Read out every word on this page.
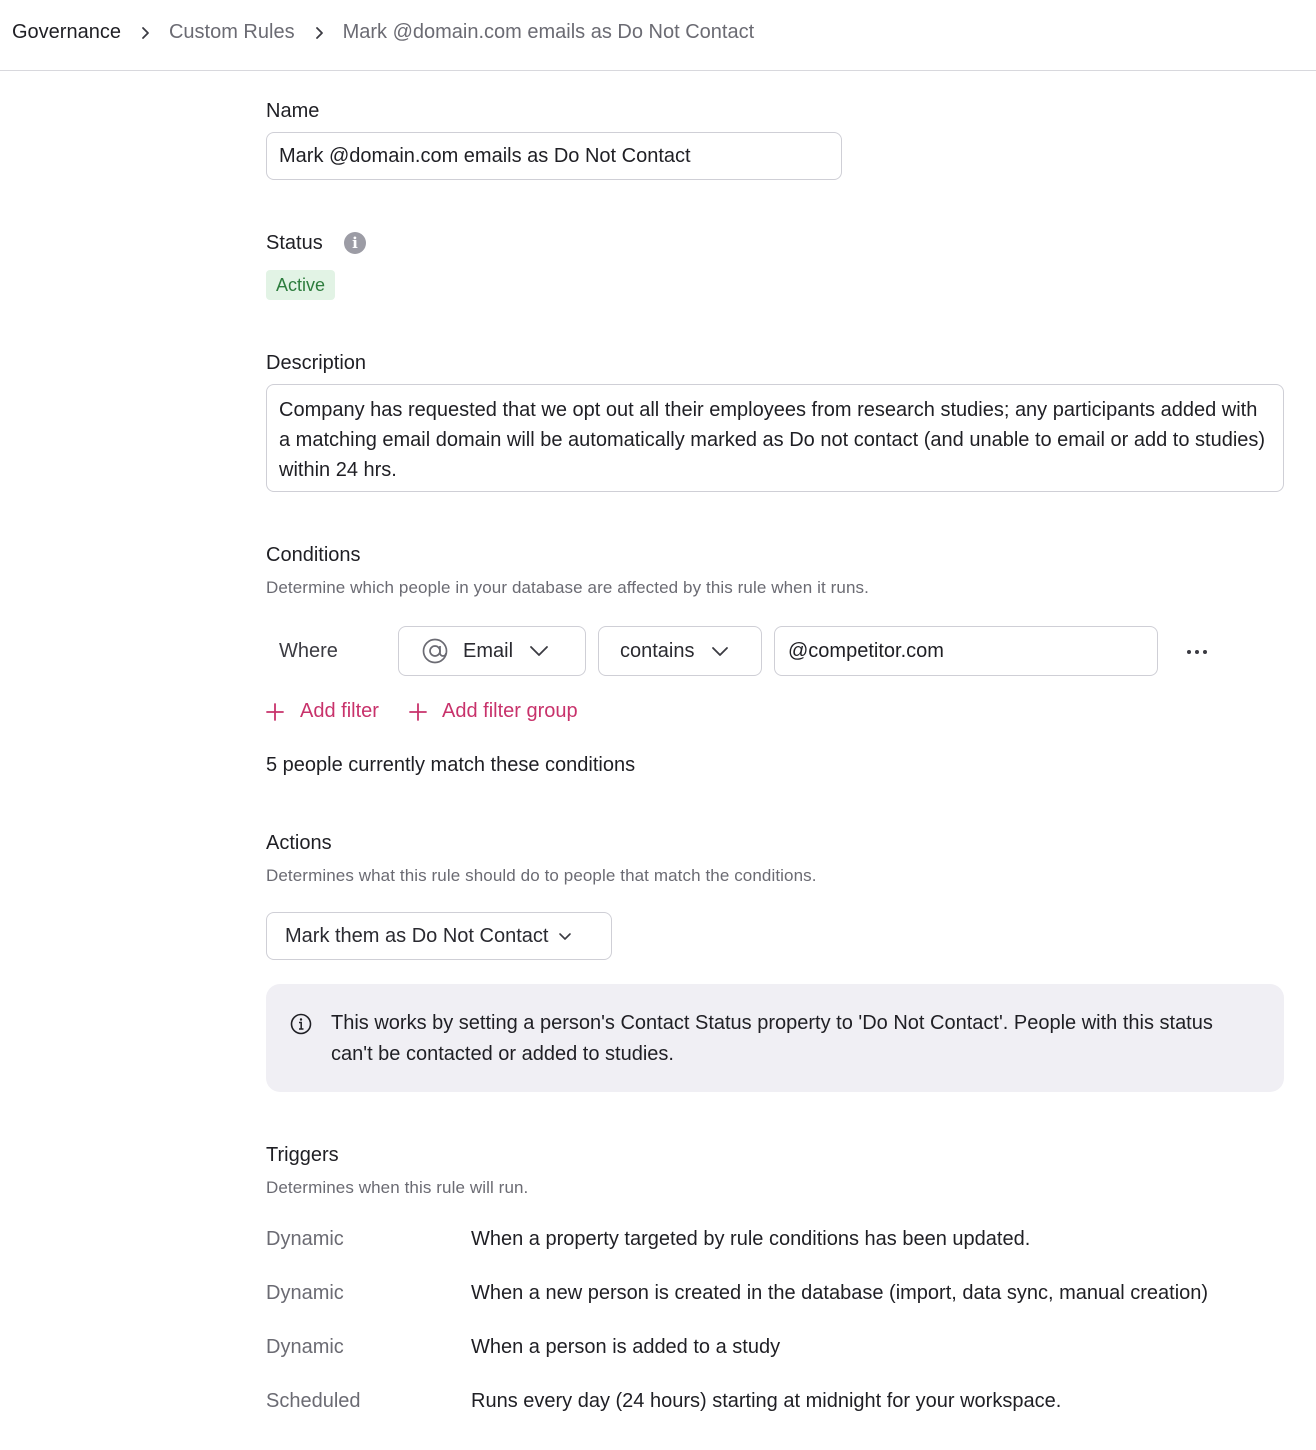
Governance Custom Rules Mark @domain.com emails as Do Not Contact
Name
Mark @domain.com emails as Do Not Contact
Status	i
Active
Description
Company has requested that we opt out all their employees from research studies; any participants added with a matching email domain will be automatically marked as Do not contact (and unable to email or add to studies) within 24 hrs.
Conditions
Determine which people in your database are affected by this rule when it runs.
Where	Email	contains	@competitor.com
Add filter	Add filter group
5 people currently match these conditions
Actions
Determines what this rule should do to people that match the conditions.
Mark them as Do Not Contact
This works by setting a person's Contact Status property to 'Do Not Contact'. People with this status can't be contacted or added to studies.
Triggers
Determines when this rule will run.
Dynamic	When a property targeted by rule conditions has been updated.
Dynamic	When a new person is created in the database (import, data sync, manual creation)
Dynamic	When a person is added to a study
Scheduled	Runs every day (24 hours) starting at midnight for your workspace.
